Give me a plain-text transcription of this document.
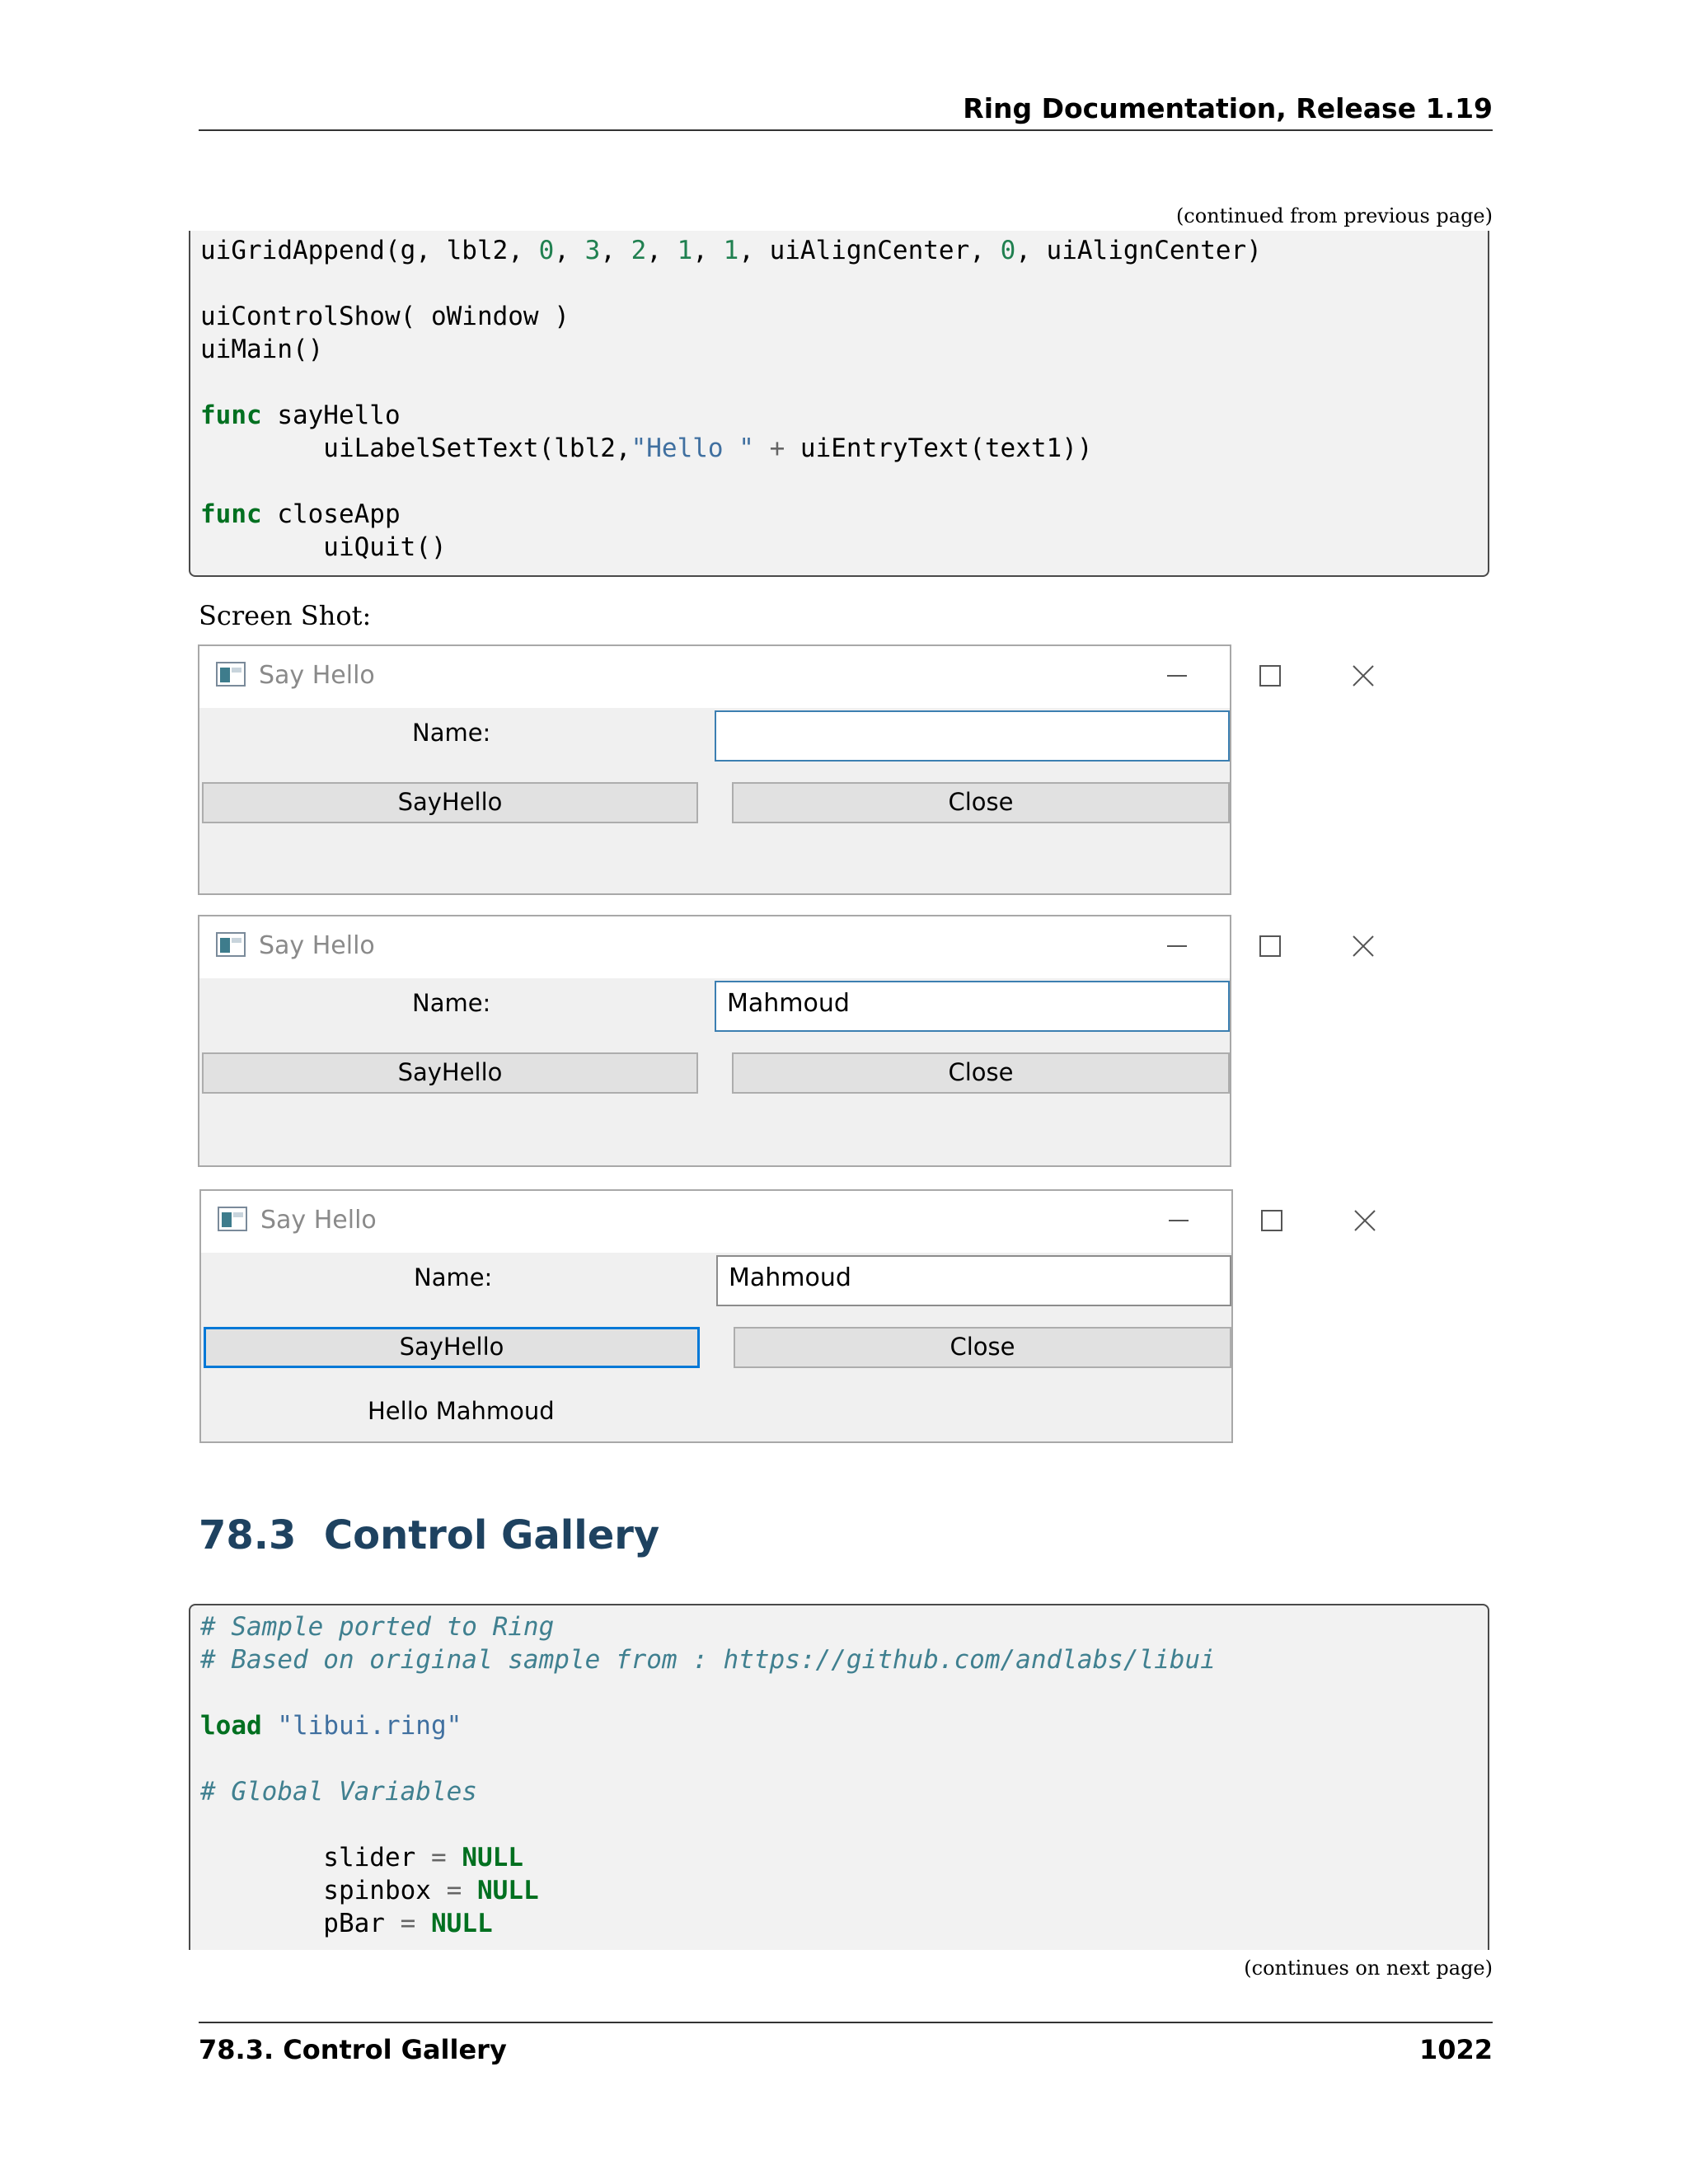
Ring Documentation, Release 1.19
(continued from previous page)
uiGridAppend(g, lbl2, 0, 3, 2, 1, 1, uiAlignCenter, 0, uiAlignCenter)
uiControlShow( oWindow )
uiMain()
func sayHello
uiLabelSetText(lbl2,"Hello " + uiEntryText(text1))
func closeApp
uiQuit()
Screen Shot:
Say Hello
Name:
SayHello	Close
Say Hello
Name:	Mahmoud
SayHello	Close
Say Hello
Name:	Mahmoud
SayHello	Close
Hello Mahmoud
78.3 Control Gallery
# Sample ported to Ring
# Based on original sample from : https://github.com/andlabs/libui
load "libui.ring"
# Global Variables
slider = NULL
spinbox = NULL
pBar = NULL
(continues on next page)
78.3. Control Gallery	1022
